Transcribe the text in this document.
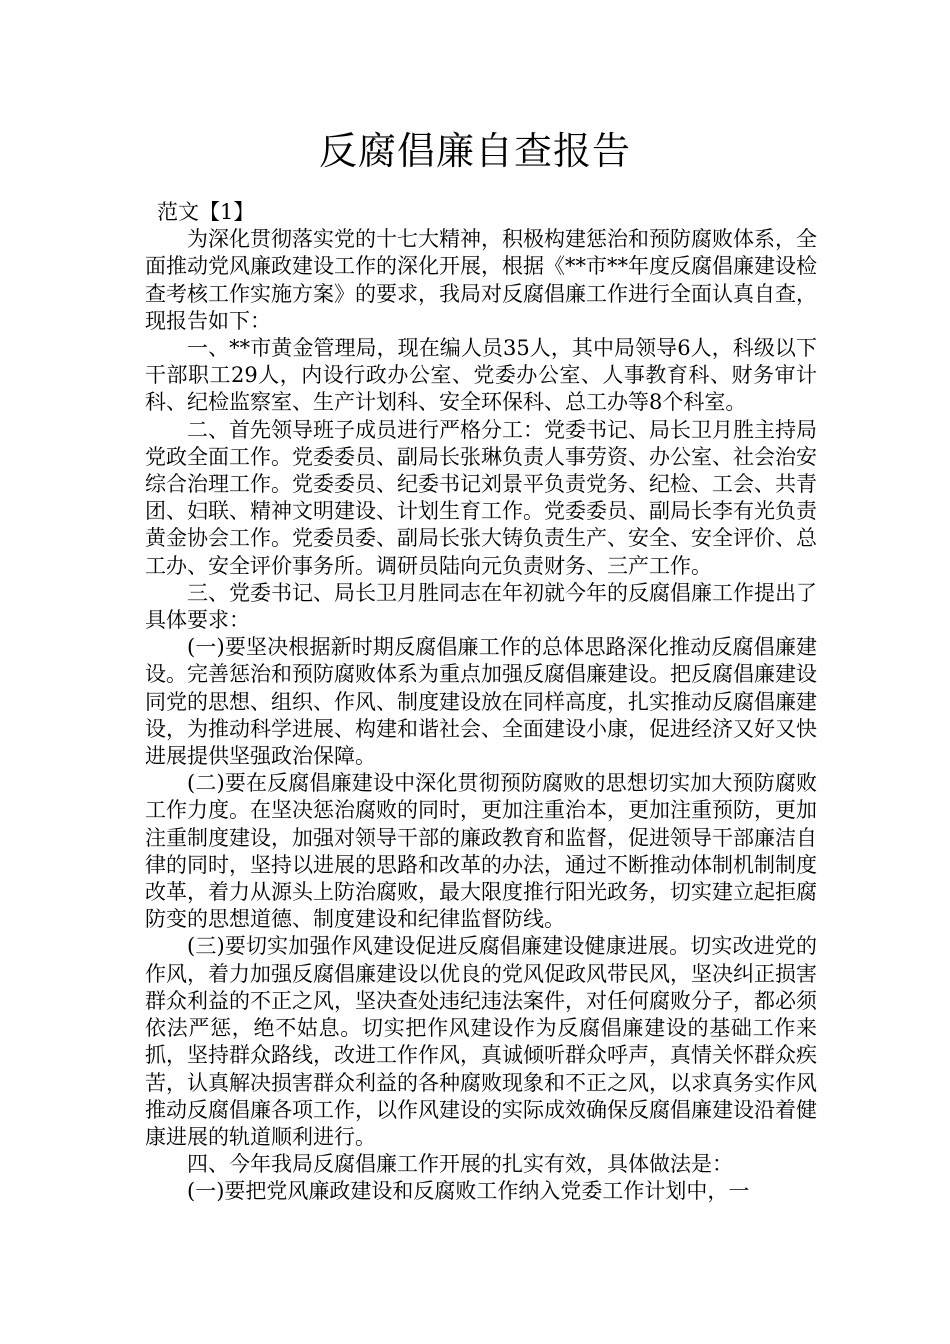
反腐倡廉自查报告

范文【1】

为深化贯彻落实党的十七大精神，积极构建惩治和预防腐败体系，全面推动党风廉政建设工作的深化开展，根据《**市**年度反腐倡廉建设检查考核工作实施方案》的要求，我局对反腐倡廉工作进行全面认真自查，现报告如下：

一、**市黄金管理局，现在编人员35人，其中局领导6人，科级以下干部职工29人，内设行政办公室、党委办公室、人事教育科、财务审计科、纪检监察室、生产计划科、安全环保科、总工办等8个科室。

二、首先领导班子成员进行严格分工：党委书记、局长卫月胜主持局党政全面工作。党委委员、副局长张琳负责人事劳资、办公室、社会治安综合治理工作。党委委员、纪委书记刘景平负责党务、纪检、工会、共青团、妇联、精神文明建设、计划生育工作。党委委员、副局长李有光负责黄金协会工作。党委员委、副局长张大铸负责生产、安全、安全评价、总工办、安全评价事务所。调研员陆向元负责财务、三产工作。

三、党委书记、局长卫月胜同志在年初就今年的反腐倡廉工作提出了具体要求：

(一)要坚决根据新时期反腐倡廉工作的总体思路深化推动反腐倡廉建设。完善惩治和预防腐败体系为重点加强反腐倡廉建设。把反腐倡廉建设同党的思想、组织、作风、制度建设放在同样高度，扎实推动反腐倡廉建设，为推动科学进展、构建和谐社会、全面建设小康，促进经济又好又快进展提供坚强政治保障。

(二)要在反腐倡廉建设中深化贯彻预防腐败的思想切实加大预防腐败工作力度。在坚决惩治腐败的同时，更加注重治本，更加注重预防，更加注重制度建设，加强对领导干部的廉政教育和监督，促进领导干部廉洁自律的同时，坚持以进展的思路和改革的办法，通过不断推动体制机制制度改革，着力从源头上防治腐败，最大限度推行阳光政务，切实建立起拒腐防变的思想道德、制度建设和纪律监督防线。

(三)要切实加强作风建设促进反腐倡廉建设健康进展。切实改进党的作风，着力加强反腐倡廉建设以优良的党风促政风带民风，坚决纠正损害群众利益的不正之风，坚决查处违纪违法案件，对任何腐败分子，都必须依法严惩，绝不姑息。切实把作风建设作为反腐倡廉建设的基础工作来抓，坚持群众路线，改进工作作风，真诚倾听群众呼声，真情关怀群众疾苦，认真解决损害群众利益的各种腐败现象和不正之风，以求真务实作风推动反腐倡廉各项工作，以作风建设的实际成效确保反腐倡廉建设沿着健康进展的轨道顺利进行。

四、今年我局反腐倡廉工作开展的扎实有效，具体做法是：

(一)要把党风廉政建设和反腐败工作纳入党委工作计划中，一
